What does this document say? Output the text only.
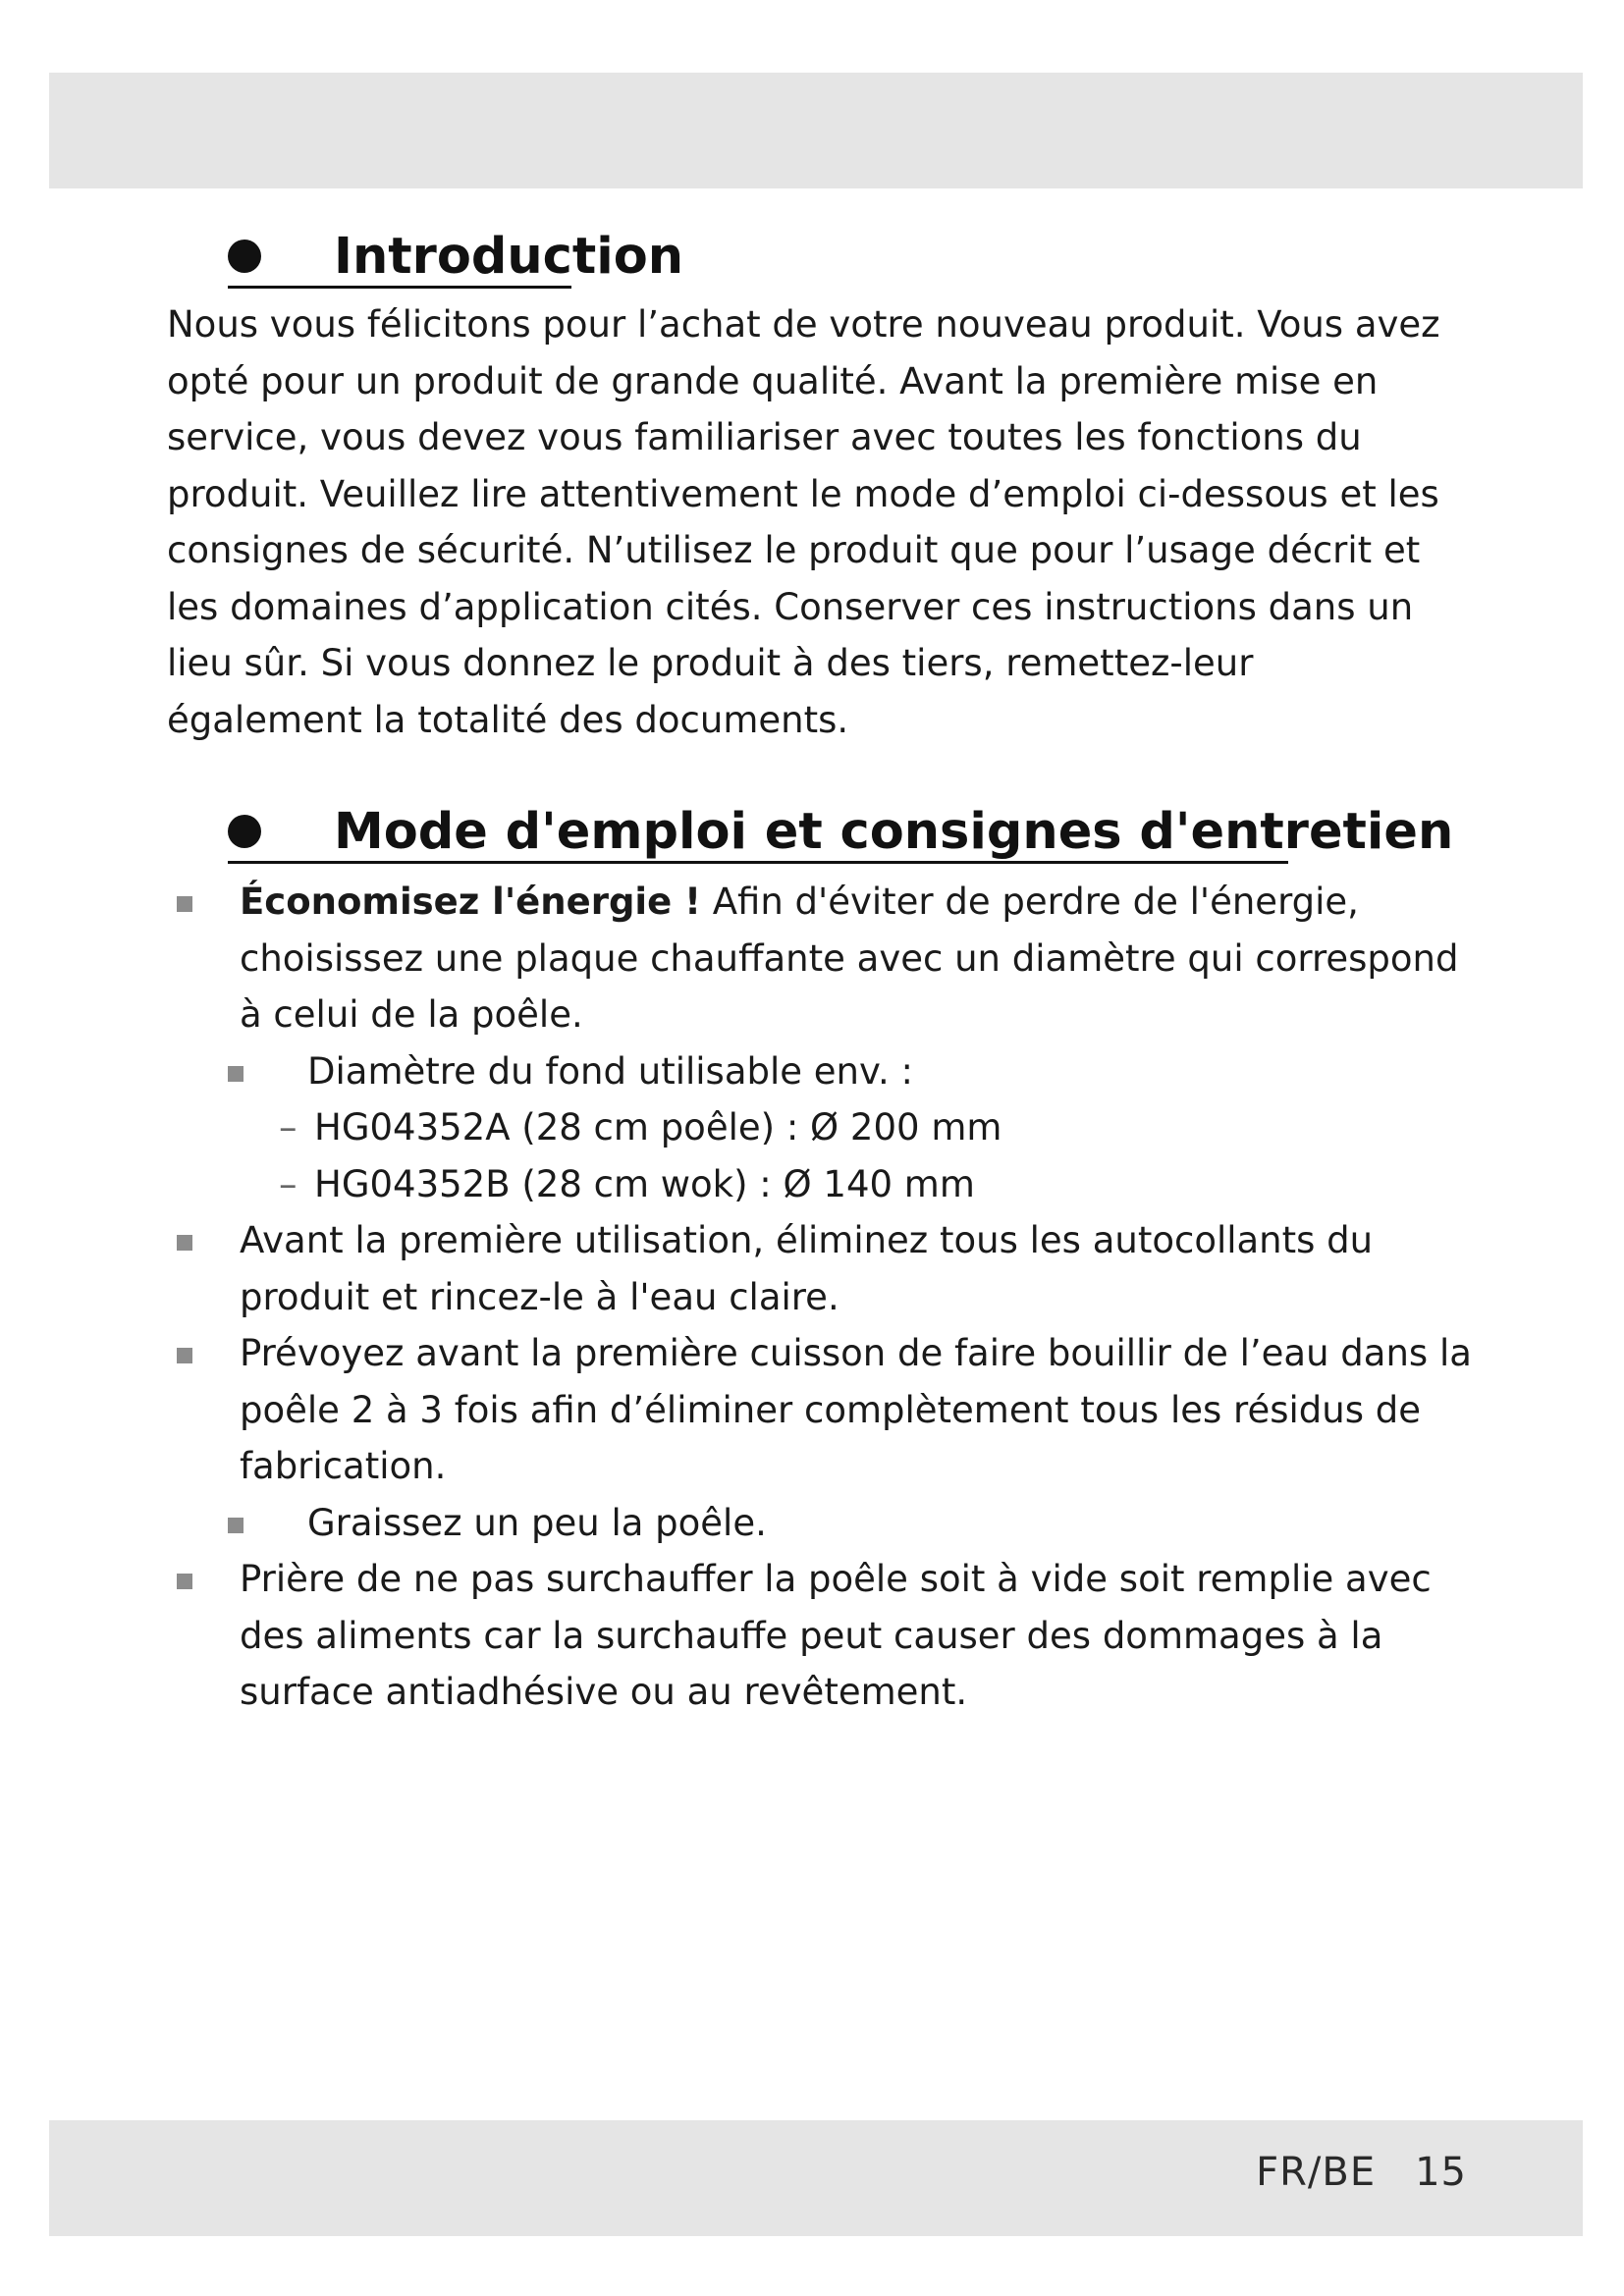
Introduction
Nous vous félicitons pour l’achat de votre nouveau produit. Vous avez opté pour un produit de grande qualité. Avant la première mise en service, vous devez vous familiariser avec toutes les fonctions du produit. Veuillez lire attentivement le mode d’emploi ci-dessous et les consignes de sécurité. N’utilisez le produit que pour l’usage décrit et les domaines d’application cités. Conserver ces instructions dans un lieu sûr. Si vous donnez le produit à des tiers, remettez-leur également la totalité des documents.
Mode d'emploi et consignes d'entretien
Économisez l'énergie ! Afin d'éviter de perdre de l'énergie, choisissez une plaque chauffante avec un diamètre qui correspond à celui de la poêle.
Diamètre du fond utilisable env. :
– HG04352A (28 cm poêle) : Ø 200 mm
– HG04352B (28 cm wok) : Ø 140 mm
Avant la première utilisation, éliminez tous les autocollants du produit et rincez-le à l'eau claire.
Prévoyez avant la première cuisson de faire bouillir de l’eau dans la poêle 2 à 3 fois afin d’éliminer complètement tous les résidus de fabrication.
Graissez un peu la poêle.
Prière de ne pas surchauffer la poêle soit à vide soit remplie avec des aliments car la surchauffe peut causer des dommages à la surface antiadhésive ou au revêtement.
FR/BE 15
